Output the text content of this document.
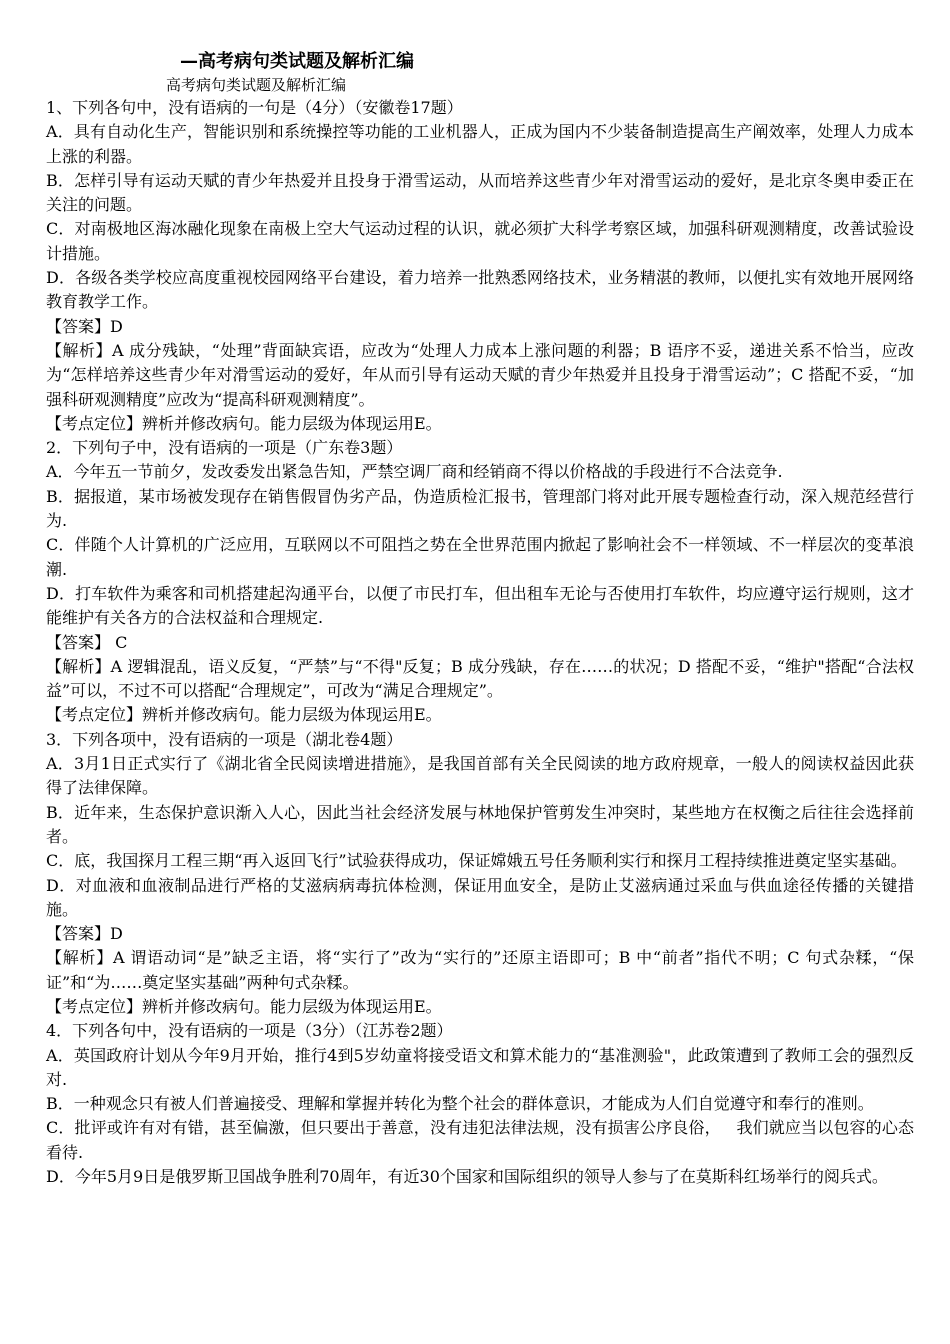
—高考病句类试题及解析汇编
高考病句类试题及解析汇编
1、下列各句中，没有语病的一句是（4分）（安徽卷17题）
A．具有自动化生产，智能识别和系统操控等功能的工业机器人，正成为国内不少装备制造提高生产阐效率，处理人力成本上涨的利器。
B．怎样引导有运动天赋的青少年热爱并且投身于滑雪运动，从而培养这些青少年对滑雪运动的爱好，是北京冬奥申委正在关注的问题。
C．对南极地区海冰融化现象在南极上空大气运动过程的认识，就必须扩大科学考察区域，加强科研观测精度，改善试验设计措施。
D．各级各类学校应高度重视校园网络平台建设，着力培养一批熟悉网络技术，业务精湛的教师，以便扎实有效地开展网络教育教学工作。
【答案】D
【解析】A 成分残缺，“处理”背面缺宾语，应改为“处理人力成本上涨问题的利器；B 语序不妥，递进关系不恰当，应改为“怎样培养这些青少年对滑雪运动的爱好，年从而引导有运动天赋的青少年热爱并且投身于滑雪运动”；C 搭配不妥，“加强科研观测精度”应改为“提高科研观测精度”。
【考点定位】辨析并修改病句。能力层级为体现运用E。
2．下列句子中，没有语病的一项是（广东卷3题）
A．今年五一节前夕，发改委发出紧急告知，严禁空调厂商和经销商不得以价格战的手段进行不合法竞争.
B．据报道，某市场被发现存在销售假冒伪劣产品，伪造质检汇报书，管理部门将对此开展专题检查行动，深入规范经营行为.
C．伴随个人计算机的广泛应用，互联网以不可阻挡之势在全世界范围内掀起了影响社会不一样领域、不一样层次的变革浪潮.
D．打车软件为乘客和司机搭建起沟通平台，以便了市民打车，但出租车无论与否使用打车软件，均应遵守运行规则，这才能维护有关各方的合法权益和合理规定.
【答案】 C
【解析】A 逻辑混乱，语义反复，“严禁”与“不得"反复；B 成分残缺，存在……的状况；D 搭配不妥，“维护"搭配“合法权益”可以，不过不可以搭配“合理规定”，可改为“满足合理规定”。
【考点定位】辨析并修改病句。能力层级为体现运用E。
3．下列各项中，没有语病的一项是（湖北卷4题）
A．3月1日正式实行了《湖北省全民阅读增进措施》，是我国首部有关全民阅读的地方政府规章，一般人的阅读权益因此获得了法律保障。
B．近年来，生态保护意识渐入人心，因此当社会经济发展与林地保护管剪发生冲突时，某些地方在权衡之后往往会选择前者。
C．底，我国探月工程三期“再入返回飞行”试验获得成功，保证嫦娥五号任务顺利实行和探月工程持续推进奠定坚实基础。
D．对血液和血液制品进行严格的艾滋病病毒抗体检测，保证用血安全，是防止艾滋病通过采血与供血途径传播的关键措施。
【答案】D
【解析】A 谓语动词“是”缺乏主语，将“实行了”改为“实行的”还原主语即可；B 中“前者”指代不明；C 句式杂糅，“保证”和“为……奠定坚实基础”两种句式杂糅。
【考点定位】辨析并修改病句。能力层级为体现运用E。
4．下列各句中，没有语病的一项是（3分）（江苏卷2题）
A．英国政府计划从今年9月开始，推行4到5岁幼童将接受语文和算术能力的“基准测验"，此政策遭到了教师工会的强烈反对.
B．一种观念只有被人们普遍接受、理解和掌握并转化为整个社会的群体意识，才能成为人们自觉遵守和奉行的准则。
C．批评或许有对有错，甚至偏激，但只要出于善意，没有违犯法律法规，没有损害公序良俗，   我们就应当以包容的心态看待.
D．今年5月9日是俄罗斯卫国战争胜利70周年，有近30个国家和国际组织的领导人参与了在莫斯科红场举行的阅兵式。
